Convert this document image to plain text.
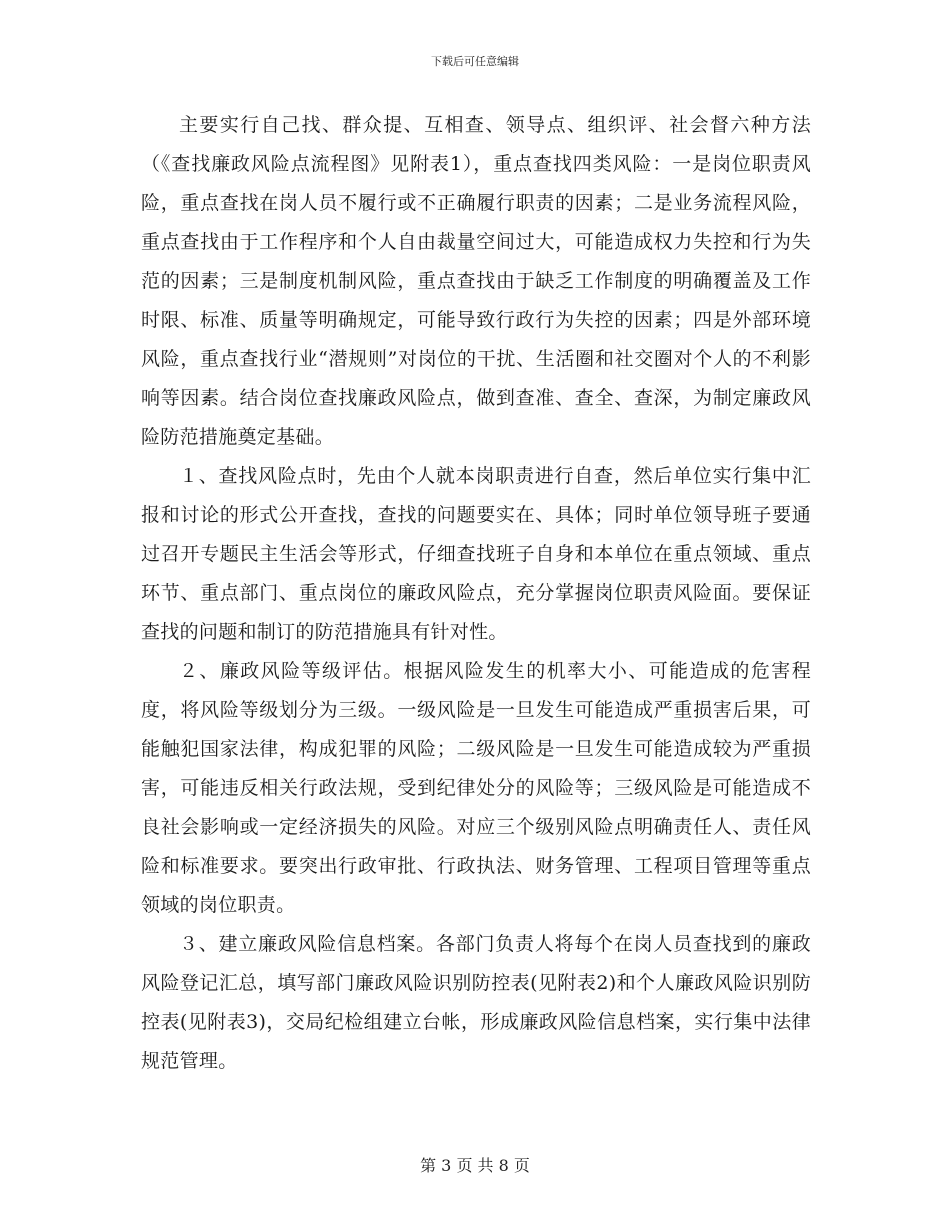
下载后可任意编辑

主要实行自己找、群众提、互相查、领导点、组织评、社会督六种方法（《查找廉政风险点流程图》见附表1），重点查找四类风险：一是岗位职责风险，重点查找在岗人员不履行或不正确履行职责的因素；二是业务流程风险，重点查找由于工作程序和个人自由裁量空间过大，可能造成权力失控和行为失范的因素；三是制度机制风险，重点查找由于缺乏工作制度的明确覆盖及工作时限、标准、质量等明确规定，可能导致行政行为失控的因素；四是外部环境风险，重点查找行业“潜规则”对岗位的干扰、生活圈和社交圈对个人的不利影响等因素。结合岗位查找廉政风险点，做到查准、查全、查深，为制定廉政风险防范措施奠定基础。

１、查找风险点时，先由个人就本岗职责进行自查，然后单位实行集中汇报和讨论的形式公开查找，查找的问题要实在、具体；同时单位领导班子要通过召开专题民主生活会等形式，仔细查找班子自身和本单位在重点领域、重点环节、重点部门、重点岗位的廉政风险点，充分掌握岗位职责风险面。要保证查找的问题和制订的防范措施具有针对性。

２、廉政风险等级评估。根据风险发生的机率大小、可能造成的危害程度，将风险等级划分为三级。一级风险是一旦发生可能造成严重损害后果，可能触犯国家法律，构成犯罪的风险；二级风险是一旦发生可能造成较为严重损害，可能违反相关行政法规，受到纪律处分的风险等；三级风险是可能造成不良社会影响或一定经济损失的风险。对应三个级别风险点明确责任人、责任风险和标准要求。要突出行政审批、行政执法、财务管理、工程项目管理等重点领域的岗位职责。

３、建立廉政风险信息档案。各部门负责人将每个在岗人员查找到的廉政风险登记汇总，填写部门廉政风险识别防控表(见附表2)和个人廉政风险识别防控表(见附表3)，交局纪检组建立台帐，形成廉政风险信息档案，实行集中法律规范管理。

第 3 页 共 8 页
